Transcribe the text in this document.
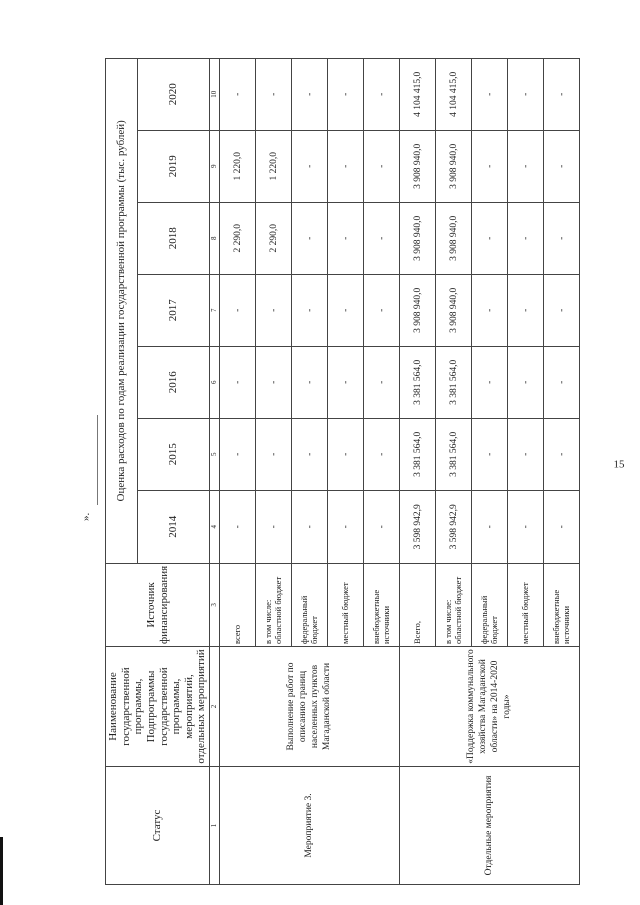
15
Статус	Наименование государственной программы, Подпрограммы государственной программы, мероприятий, отдельных мероприятий	Источник финансирования	Оценка расходов по годам реализации государственной программы (тыс. рублей)						
			2014	2015	2016	2017	2018	2019	2020
1	2	3	4	5	6	7	8	9	10
Мероприятие 3.	Выполнение работ по описанию границ населенных пунктов Магаданской области	всего	-	-	-	-	2 290,0	1 220,0	-
		в том числе: областной бюджет	-	-	-	-	2 290,0	1 220,0	-
		федеральный бюджет	-	-	-	-	-	-	-
		местный бюджет	-	-	-	-	-	-	-
		внебюджетные источники	-	-	-	-	-	-	-
Отдельные мероприятия	«Поддержка коммунального хозяйства Магаданской области» на 2014-2020 годы»	Всего,	3 598 942,9	3 381 564,0	3 381 564,0	3 908 940,0	3 908 940,0	3 908 940,0	4 104 415,0
		в том числе: областной бюджет	3 598 942,9	3 381 564,0	3 381 564,0	3 908 940,0	3 908 940,0	3 908 940,0	4 104 415,0
		федеральный бюджет	-	-	-	-	-	-	-
		местный бюджет	-	-	-	-	-	-	-
		внебюджетные источники	-	-	-	-	-	-	-
».
